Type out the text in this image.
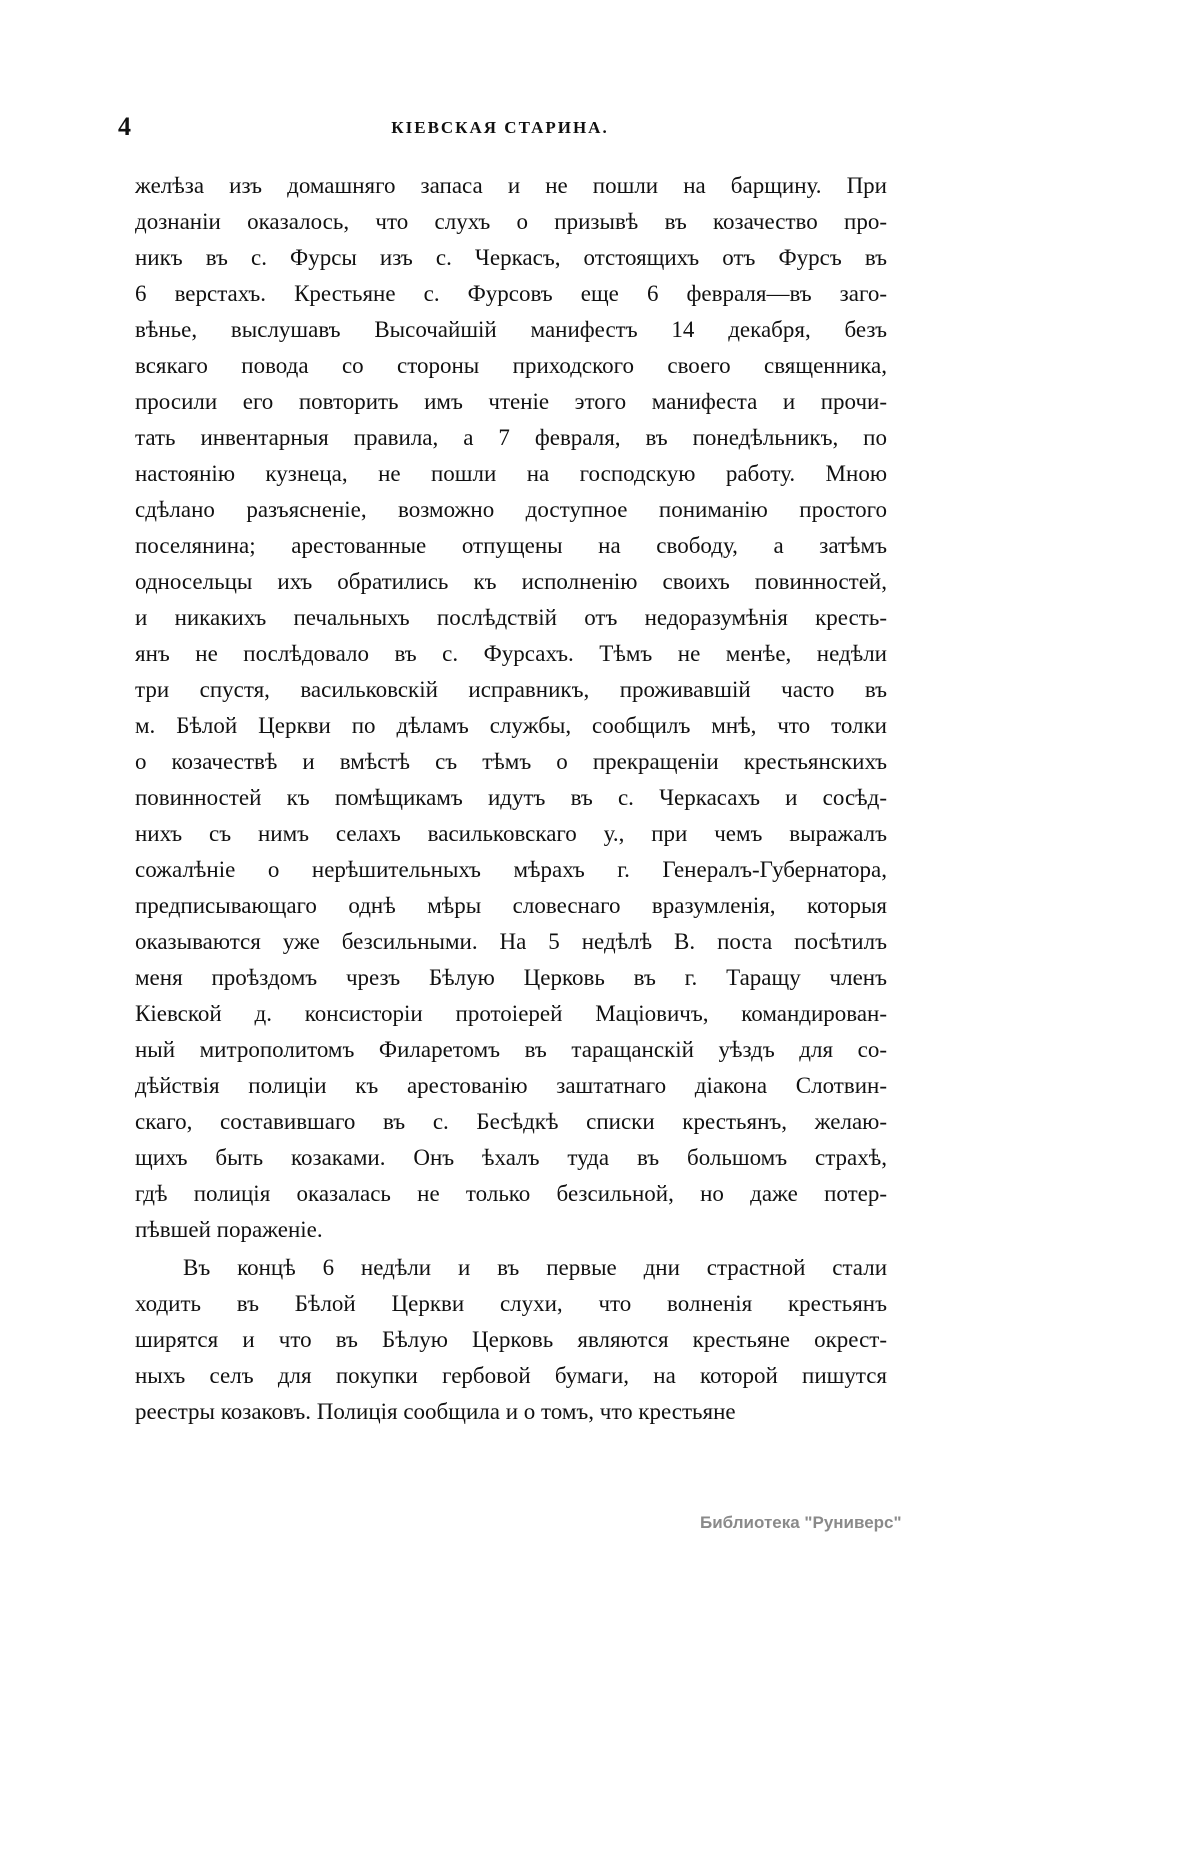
4	КІЕВСКАЯ СТАРИНА.
желѣза изъ домашняго запаса и не пошли на барщину. При
дознаніи оказалось, что слухъ о призывѣ въ козачество про-
никъ въ с. Фурсы изъ с. Черкасъ, отстоящихъ отъ Фурсъ въ
6 верстахъ. Крестьяне с. Фурсовъ еще 6 февраля—въ заго-
вѣнье, выслушавъ Высочайшій манифестъ 14 декабря, безъ
всякаго повода со стороны приходского своего священника,
просили его повторить имъ чтеніе этого манифеста и прочи-
тать инвентарныя правила, а 7 февраля, въ понедѣльникъ, по
настоянію кузнеца, не пошли на господскую работу. Мною
сдѣлано разъясненіе, возможно доступное пониманію простого
поселянина; арестованные отпущены на свободу, а затѣмъ
односельцы ихъ обратились къ исполненію своихъ повинностей,
и никакихъ печальныхъ послѣдствій отъ недоразумѣнія кресть-
янъ не послѣдовало въ с. Фурсахъ. Тѣмъ не менѣе, недѣли
три спустя, васильковскій исправникъ, проживавшій часто въ
м. Бѣлой Церкви по дѣламъ службы, сообщилъ мнѣ, что толки
о козачествѣ и вмѣстѣ съ тѣмъ о прекращеніи крестьянскихъ
повинностей къ помѣщикамъ идутъ въ с. Черкасахъ и сосѣд-
нихъ съ нимъ селахъ васильковскаго у., при чемъ выражалъ
сожалѣніе о нерѣшительныхъ мѣрахъ г. Генералъ-Губернатора,
предписывающаго однѣ мѣры словеснаго вразумленія, которыя
оказываются уже безсильными. На 5 недѣлѣ В. поста посѣтилъ
меня проѣздомъ чрезъ Бѣлую Церковь въ г. Таращу членъ
Кіевской д. консисторіи протоіерей Маціовичъ, командирован-
ный митрополитомъ Филаретомъ въ таращанскій уѣздъ для со-
дѣйствія полиціи къ арестованію заштатнаго діакона Слотвин-
скаго, составившаго въ с. Бесѣдкѣ списки крестьянъ, желаю-
щихъ быть козаками. Онъ ѣхалъ туда въ большомъ страхѣ,
гдѣ полиція оказалась не только безсильной, но даже потер-
пѣвшей пораженіе.
Въ концѣ 6 недѣли и въ первые дни страстной стали
ходить въ Бѣлой Церкви слухи, что волненія крестьянъ
ширятся и что въ Бѣлую Церковь являются крестьяне окрест-
ныхъ селъ для покупки гербовой бумаги, на которой пишутся
реестры козаковъ. Полиція сообщила и о томъ, что крестьяне
Библиотека "Руниверс"
